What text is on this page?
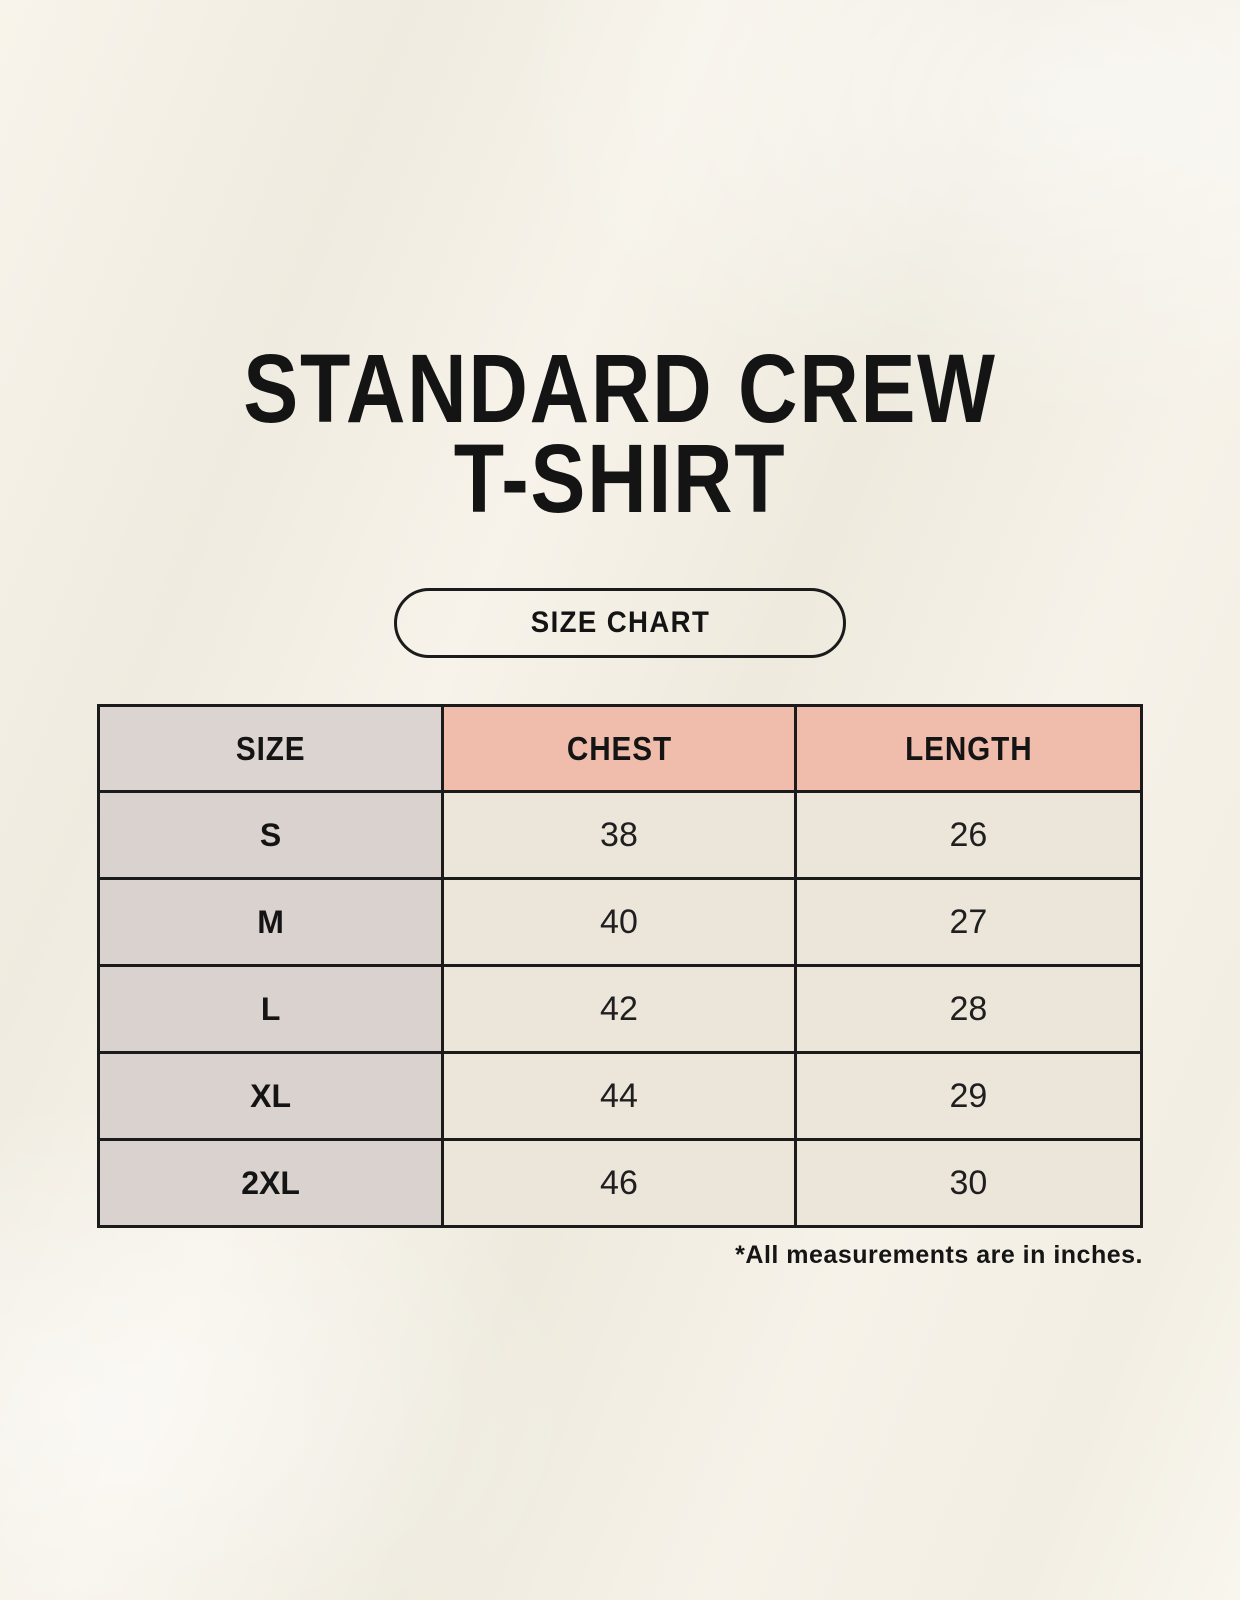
STANDARD CREW
T-SHIRT
SIZE CHART
SIZE	CHEST	LENGTH
S	38	26
M	40	27
L	42	28
XL	44	29
2XL	46	30
*All measurements are in inches.
